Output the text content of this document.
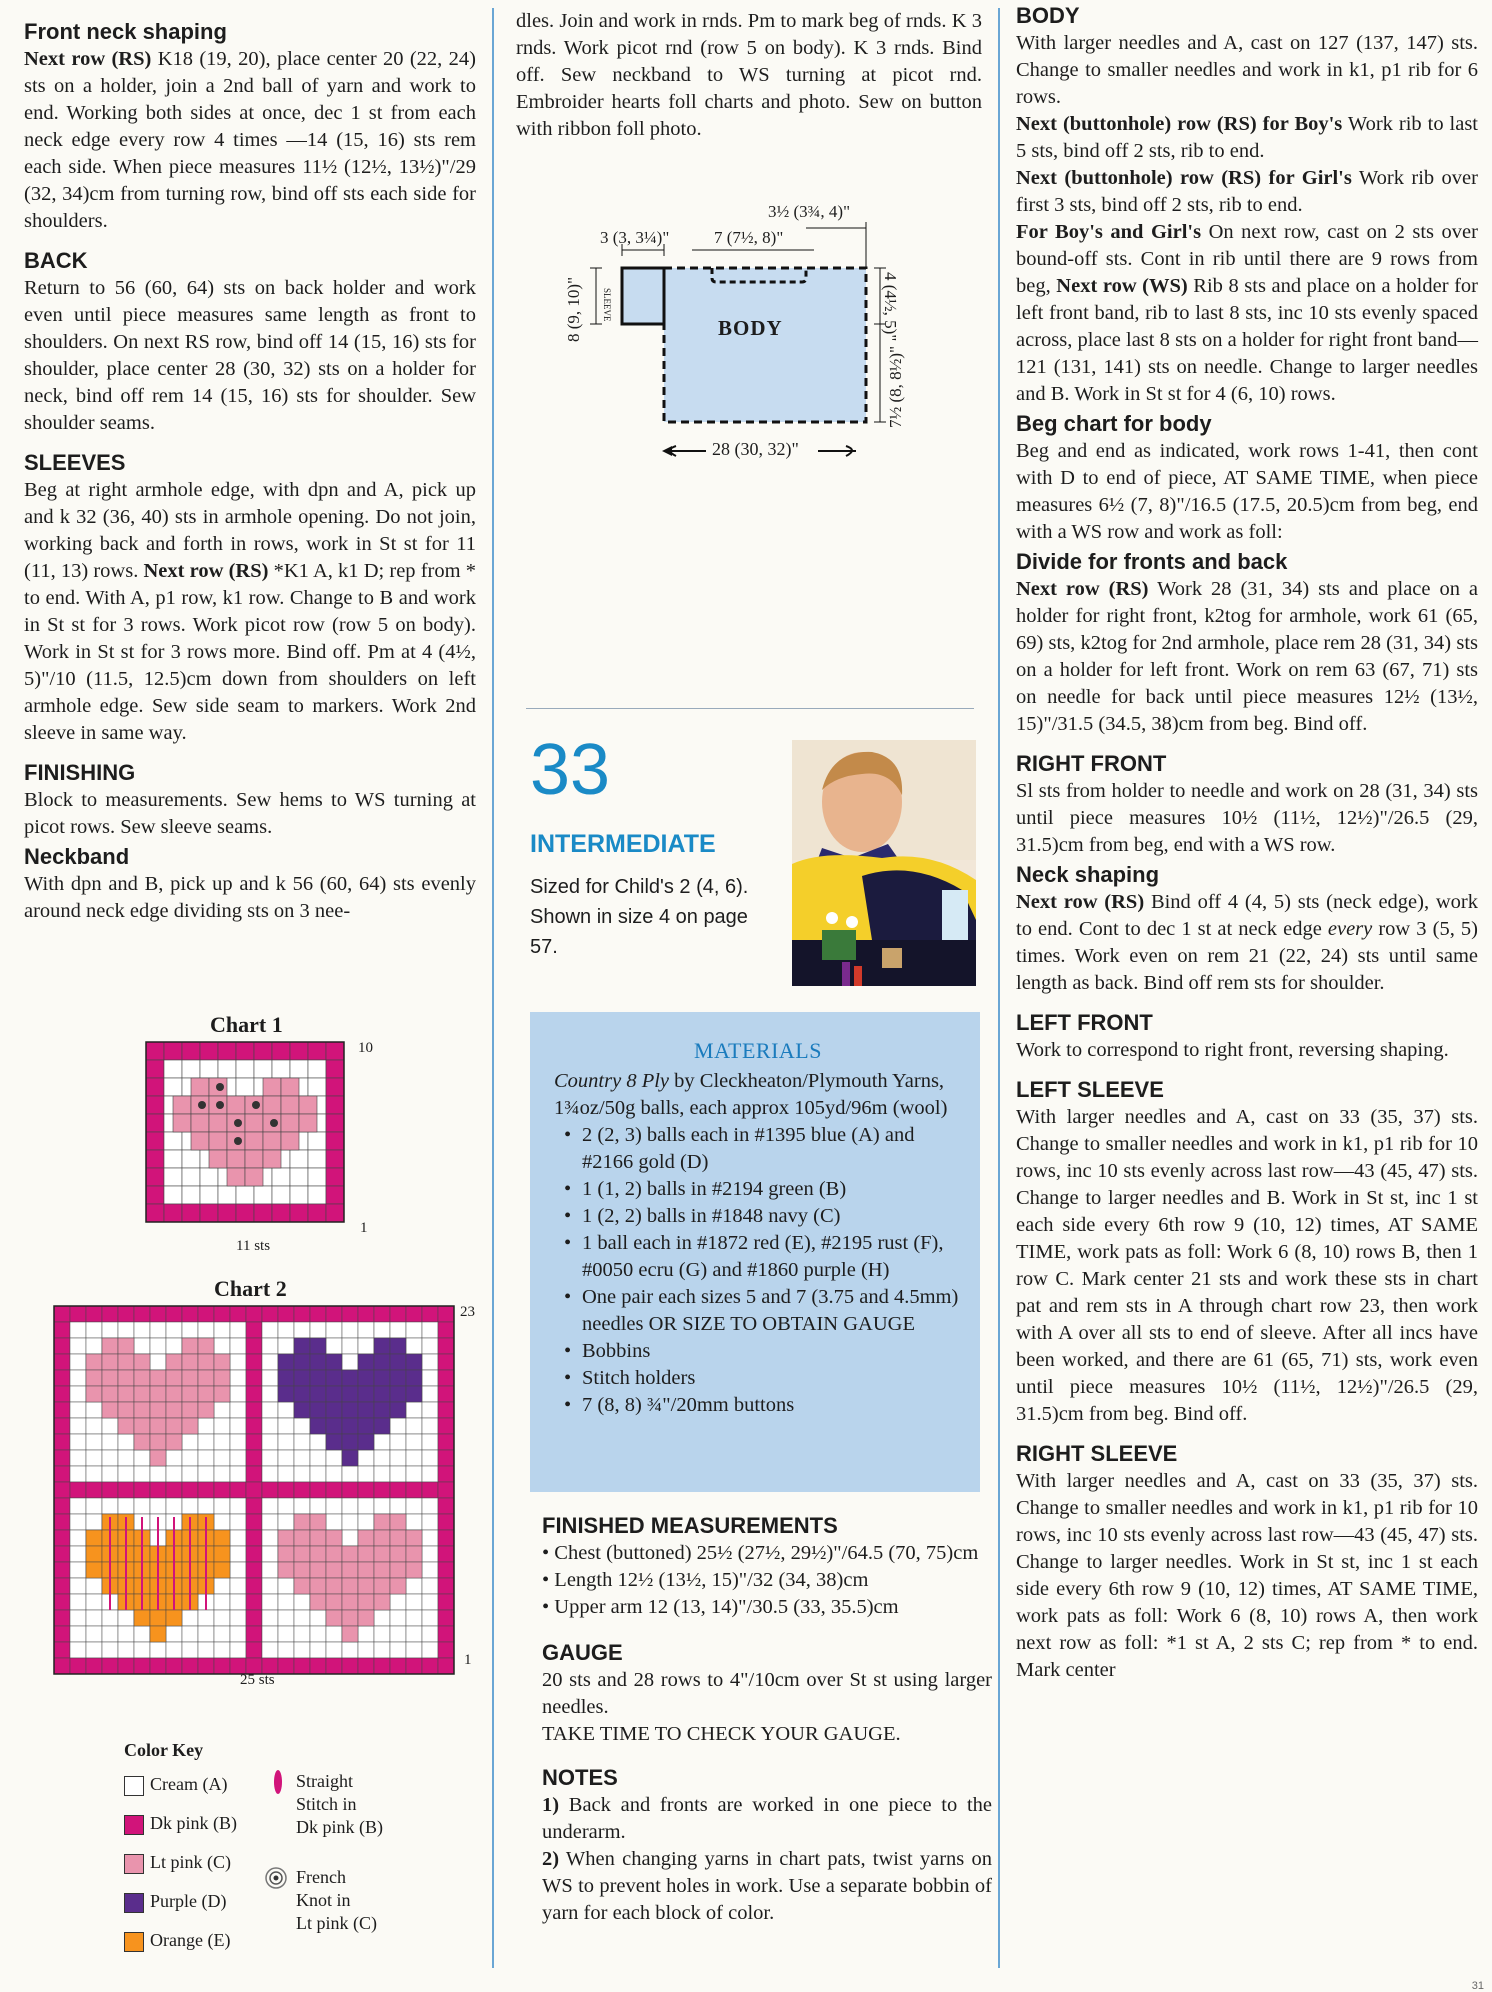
Front neck shaping

Next row (RS) K18 (19, 20), place center 20 (22, 24) sts on a holder, join a 2nd ball of yarn and work to end. Working both sides at once, dec 1 st from each neck edge every row 4 times —14 (15, 16) sts rem each side. When piece measures 11½ (12½, 13½)"/29 (32, 34)cm from turning row, bind off sts each side for shoulders.

BACK

Return to 56 (60, 64) sts on back holder and work even until piece measures same length as front to shoulders. On next RS row, bind off 14 (15, 16) sts for shoulder, place center 28 (30, 32) sts on a holder for neck, bind off rem 14 (15, 16) sts for shoulder. Sew shoulder seams.

SLEEVES

Beg at right armhole edge, with dpn and A, pick up and k 32 (36, 40) sts in armhole opening. Do not join, working back and forth in rows, work in St st for 11 (11, 13) rows. Next row (RS) *K1 A, k1 D; rep from * to end. With A, p1 row, k1 row. Change to B and work in St st for 3 rows. Work picot row (row 5 on body). Work in St st for 3 rows more. Bind off. Pm at 4 (4½, 5)"/10 (11.5, 12.5)cm down from shoulders on left armhole edge. Sew side seam to markers. Work 2nd sleeve in same way.

FINISHING

Block to measurements. Sew hems to WS turning at picot rows. Sew sleeve seams.

Neckband

With dpn and B, pick up and k 56 (60, 64) sts evenly around neck edge dividing sts on 3 nee-

Chart 1
10
1
11 sts
Chart 2
23
1
25 sts
Color Key
Cream (A)
Dk pink (B)
Lt pink (C)
Purple (D)
Orange (E)
Straight
Stitch in
Dk pink (B)
French
Knot in
Lt pink (C)

dles. Join and work in rnds. Pm to mark beg of rnds. K 3 rnds. Work picot rnd (row 5 on body). K 3 rnds. Bind off. Sew neckband to WS turning at picot rnd. Embroider hearts foll charts and photo. Sew on button with ribbon foll photo.

BODY
SLEEVE
3½ (3¾, 4)"
3 (3, 3¼)"	7 (7½, 8)"
8 (9, 10)"	4 (4½, 5)"
7½ (8, 8½)"
28 (30, 32)"
33
INTERMEDIATE
Sized for Child's 2 (4, 6). Shown in size 4 on page 57.
MATERIALS

Country 8 Ply by Cleckheaton/Plymouth Yarns, 1¾oz/50g balls, each approx 105yd/96m (wool)

• 2 (2, 3) balls each in #1395 blue (A) and #2166 gold (D)
• 1 (1, 2) balls in #2194 green (B)
• 1 (2, 2) balls in #1848 navy (C)
• 1 ball each in #1872 red (E), #2195 rust (F), #0050 ecru (G) and #1860 purple (H)
• One pair each sizes 5 and 7 (3.75 and 4.5mm) needles OR SIZE TO OBTAIN GAUGE
• Bobbins
• Stitch holders
• 7 (8, 8) ¾"/20mm buttons
FINISHED MEASUREMENTS
• Chest (buttoned) 25½ (27½, 29½)"/64.5 (70, 75)cm
• Length 12½ (13½, 15)"/32 (34, 38)cm
• Upper arm 12 (13, 14)"/30.5 (33, 35.5)cm
GAUGE

20 sts and 28 rows to 4"/10cm over St st using larger needles.

TAKE TIME TO CHECK YOUR GAUGE.

NOTES

1) Back and fronts are worked in one piece to the underarm.

2) When changing yarns in chart pats, twist yarns on WS to prevent holes in work. Use a separate bobbin of yarn for each block of color.

BODY

With larger needles and A, cast on 127 (137, 147) sts. Change to smaller needles and work in k1, p1 rib for 6 rows.

Next (buttonhole) row (RS) for Boy's Work rib to last 5 sts, bind off 2 sts, rib to end.

Next (buttonhole) row (RS) for Girl's Work rib over first 3 sts, bind off 2 sts, rib to end.

For Boy's and Girl's On next row, cast on 2 sts over bound-off sts. Cont in rib until there are 9 rows from beg, Next row (WS) Rib 8 sts and place on a holder for left front band, rib to last 8 sts, inc 10 sts evenly spaced across, place last 8 sts on a holder for right front band—121 (131, 141) sts on needle. Change to larger needles and B. Work in St st for 4 (6, 10) rows.

Beg chart for body

Beg and end as indicated, work rows 1-41, then cont with D to end of piece, AT SAME TIME, when piece measures 6½ (7, 8)"/16.5 (17.5, 20.5)cm from beg, end with a WS row and work as foll:

Divide for fronts and back

Next row (RS) Work 28 (31, 34) sts and place on a holder for right front, k2tog for armhole, work 61 (65, 69) sts, k2tog for 2nd armhole, place rem 28 (31, 34) sts on a holder for left front. Work on rem 63 (67, 71) sts on needle for back until piece measures 12½ (13½, 15)"/31.5 (34.5, 38)cm from beg. Bind off.

RIGHT FRONT

Sl sts from holder to needle and work on 28 (31, 34) sts until piece measures 10½ (11½, 12½)"/26.5 (29, 31.5)cm from beg, end with a WS row.

Neck shaping

Next row (RS) Bind off 4 (4, 5) sts (neck edge), work to end. Cont to dec 1 st at neck edge every row 3 (5, 5) times. Work even on rem 21 (22, 24) sts until same length as back. Bind off rem sts for shoulder.

LEFT FRONT

Work to correspond to right front, reversing shaping.

LEFT SLEEVE

With larger needles and A, cast on 33 (35, 37) sts. Change to smaller needles and work in k1, p1 rib for 10 rows, inc 10 sts evenly across last row—43 (45, 47) sts. Change to larger needles and B. Work in St st, inc 1 st each side every 6th row 9 (10, 12) times, AT SAME TIME, work pats as foll: Work 6 (8, 10) rows B, then 1 row C. Mark center 21 sts and work these sts in chart pat and rem sts in A through chart row 23, then work with A over all sts to end of sleeve. After all incs have been worked, and there are 61 (65, 71) sts, work even until piece measures 10½ (11½, 12½)"/26.5 (29, 31.5)cm from beg. Bind off.

RIGHT SLEEVE

With larger needles and A, cast on 33 (35, 37) sts. Change to smaller needles and work in k1, p1 rib for 10 rows, inc 10 sts evenly across last row—43 (45, 47) sts. Change to larger needles. Work in St st, inc 1 st each side every 6th row 9 (10, 12) times, AT SAME TIME, work pats as foll: Work 6 (8, 10) rows A, then work next row as foll: *1 st A, 2 sts C; rep from * to end. Mark center

31
